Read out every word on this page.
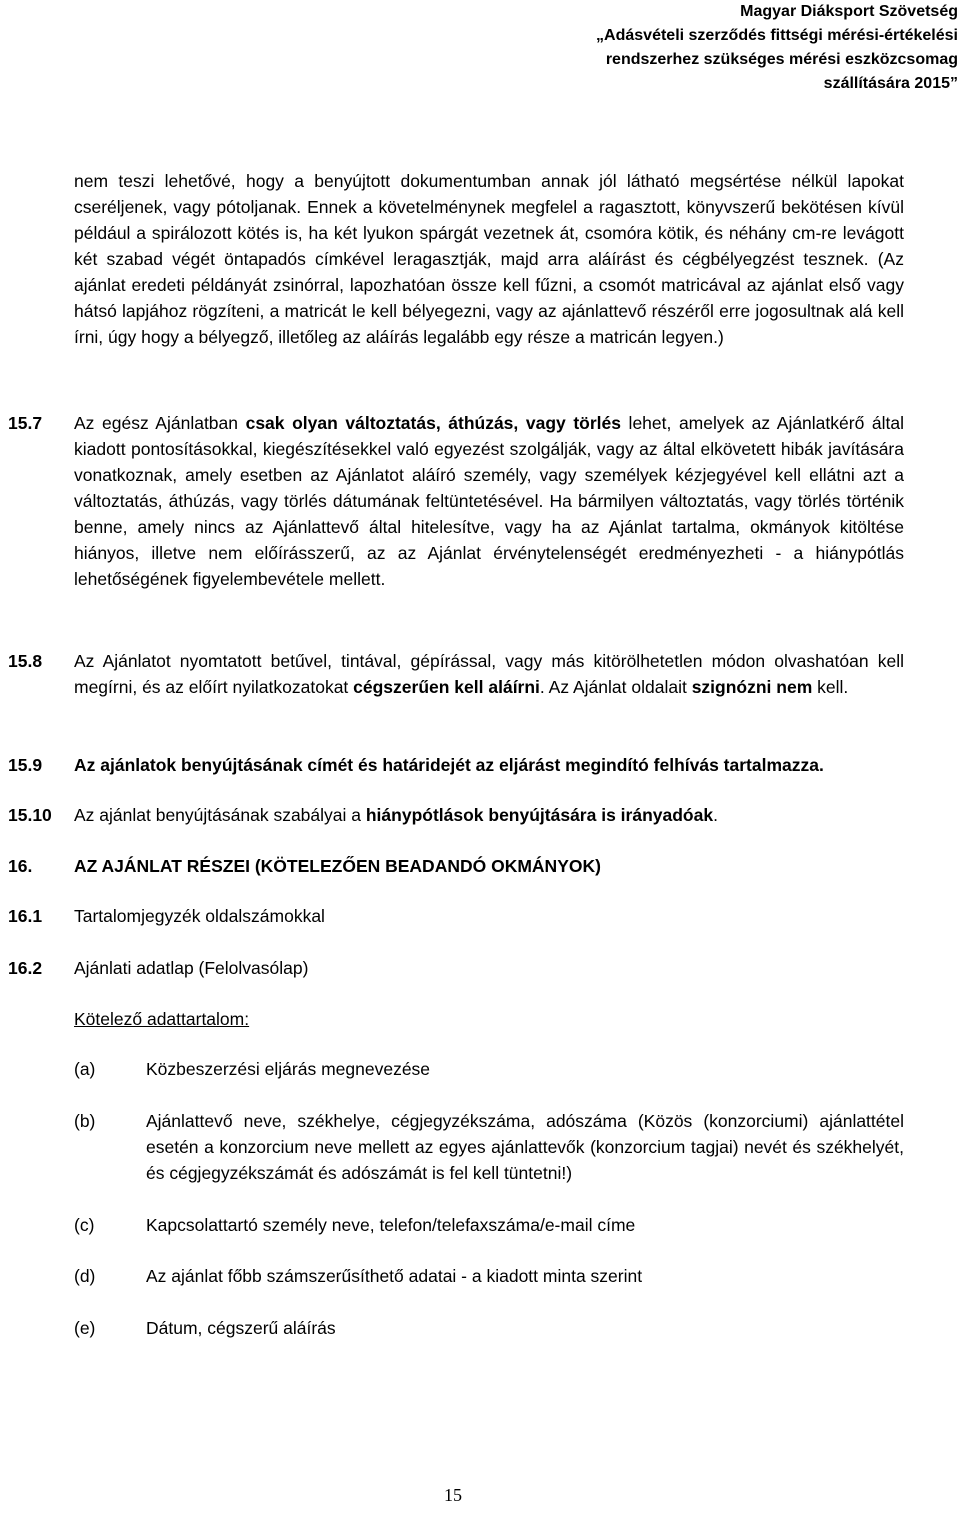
Magyar Diáksport Szövetség
„Adásvételi szerződés fittségi mérési-értékelési
rendszerhez szükséges mérési eszközcsomag
szállítására 2015”
nem teszi lehetővé, hogy a benyújtott dokumentumban annak jól látható megsértése nélkül lapokat cseréljenek, vagy pótoljanak. Ennek a követelménynek megfelel a ragasztott, könyvszerű bekötésen kívül például a spirálozott kötés is, ha két lyukon spárgát vezetnek át, csomóra kötik, és néhány cm-re levágott két szabad végét öntapadós címkével leragasztják, majd arra aláírást és cégbélyegzést tesznek. (Az ajánlat eredeti példányát zsinórral, lapozhatóan össze kell fűzni, a csomót matricával az ajánlat első vagy hátsó lapjához rögzíteni, a matricát le kell bélyegezni, vagy az ajánlattevő részéről erre jogosultnak alá kell írni, úgy hogy a bélyegző, illetőleg az aláírás legalább egy része a matricán legyen.)
15.7 Az egész Ajánlatban csak olyan változtatás, áthúzás, vagy törlés lehet, amelyek az Ajánlatkérő által kiadott pontosításokkal, kiegészítésekkel való egyezést szolgálják, vagy az által elkövetett hibák javítására vonatkoznak, amely esetben az Ajánlatot aláíró személy, vagy személyek kézjegyével kell ellátni azt a változtatás, áthúzás, vagy törlés dátumának feltüntetésével. Ha bármilyen változtatás, vagy törlés történik benne, amely nincs az Ajánlattevő által hitelesítve, vagy ha az Ajánlat tartalma, okmányok kitöltése hiányos, illetve nem előírásszerű, az az Ajánlat érvénytelenségét eredményezheti - a hiánypótlás lehetőségének figyelembevétele mellett.
15.8 Az Ajánlatot nyomtatott betűvel, tintával, gépírással, vagy más kitörölhetetlen módon olvashatóan kell megírni, és az előírt nyilatkozatokat cégszerűen kell aláírni. Az Ajánlat oldalait szignózni nem kell.
15.9 Az ajánlatok benyújtásának címét és határidejét az eljárást megindító felhívás tartalmazza.
15.10 Az ajánlat benyújtásának szabályai a hiánypótlások benyújtására is irányadóak.
16. AZ AJÁNLAT RÉSZEI (KÖTELEZŐEN BEADANDÓ OKMÁNYOK)
16.1 Tartalomjegyzék oldalszámokkal
16.2 Ajánlati adatlap (Felolvasólap)
Kötelező adattartalom:
(a)	Közbeszerzési eljárás megnevezése
(b)	Ajánlattevő neve, székhelye, cégjegyzékszáma, adószáma (Közös (konzorciumi) ajánlattétel esetén a konzorcium neve mellett az egyes ajánlattevők (konzorcium tagjai) nevét és székhelyét, és cégjegyzékszámát és adószámát is fel kell tüntetni!)
(c)	Kapcsolattartó személy neve, telefon/telefaxszáma/e-mail címe
(d)	Az ajánlat főbb számszerűsíthető adatai - a kiadott minta szerint
(e)	Dátum, cégszerű aláírás
15
